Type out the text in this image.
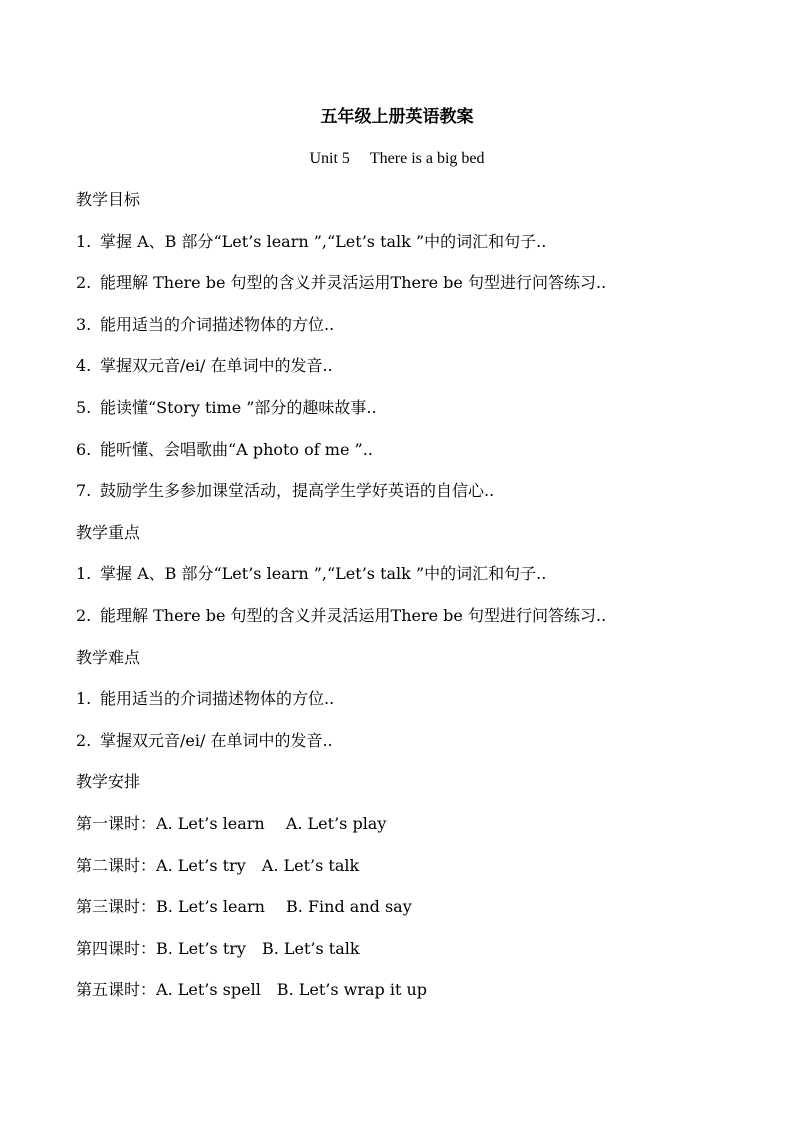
五年级上册英语教案
Unit 5 There is a big bed
教学目标
1. 掌握 A、B 部分“Let’s learn ”,“Let’s talk ”中的词汇和句子..
2. 能理解 There be 句型的含义并灵活运用There be 句型进行问答练习..
3. 能用适当的介词描述物体的方位..
4. 掌握双元音/ei/ 在单词中的发音..
5. 能读懂“Story time ”部分的趣味故事..
6. 能听懂、会唱歌曲“A photo of me ”..
7. 鼓励学生多参加课堂活动，提高学生学好英语的自信心..
教学重点
1. 掌握 A、B 部分“Let’s learn ”,“Let’s talk ”中的词汇和句子..
2. 能理解 There be 句型的含义并灵活运用There be 句型进行问答练习..
教学难点
1. 能用适当的介词描述物体的方位..
2. 掌握双元音/ei/ 在单词中的发音..
教学安排
第一课时：A. Let’s learn　 A. Let’s play
第二课时：A. Let’s try　A. Let’s talk
第三课时：B. Let’s learn　 B. Find and say
第四课时：B. Let’s try　B. Let’s talk
第五课时：A. Let’s spell　B. Let’s wrap it up
